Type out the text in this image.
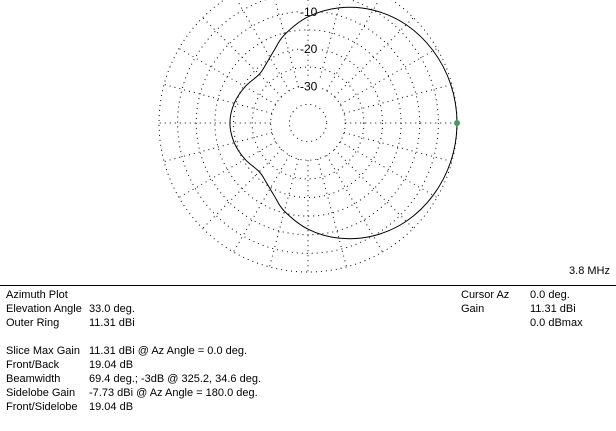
-10
-20
-30
3.8 MHz
Azimuth Plot
Elevation Angle 33.0 deg.
Outer Ring	11.31 dBi
Cursor Az 0.0 deg.
Gain	11.31 dBi
0.0 dBmax
Slice Max Gain 11.31 dBi @ Az Angle = 0.0 deg.
Front/Back	19.04 dB
Beamwidth	69.4 deg.; -3dB @ 325.2, 34.6 deg.
Sidelobe Gain -7.73 dBi @ Az Angle = 180.0 deg.
Front/Sidelobe 19.04 dB
